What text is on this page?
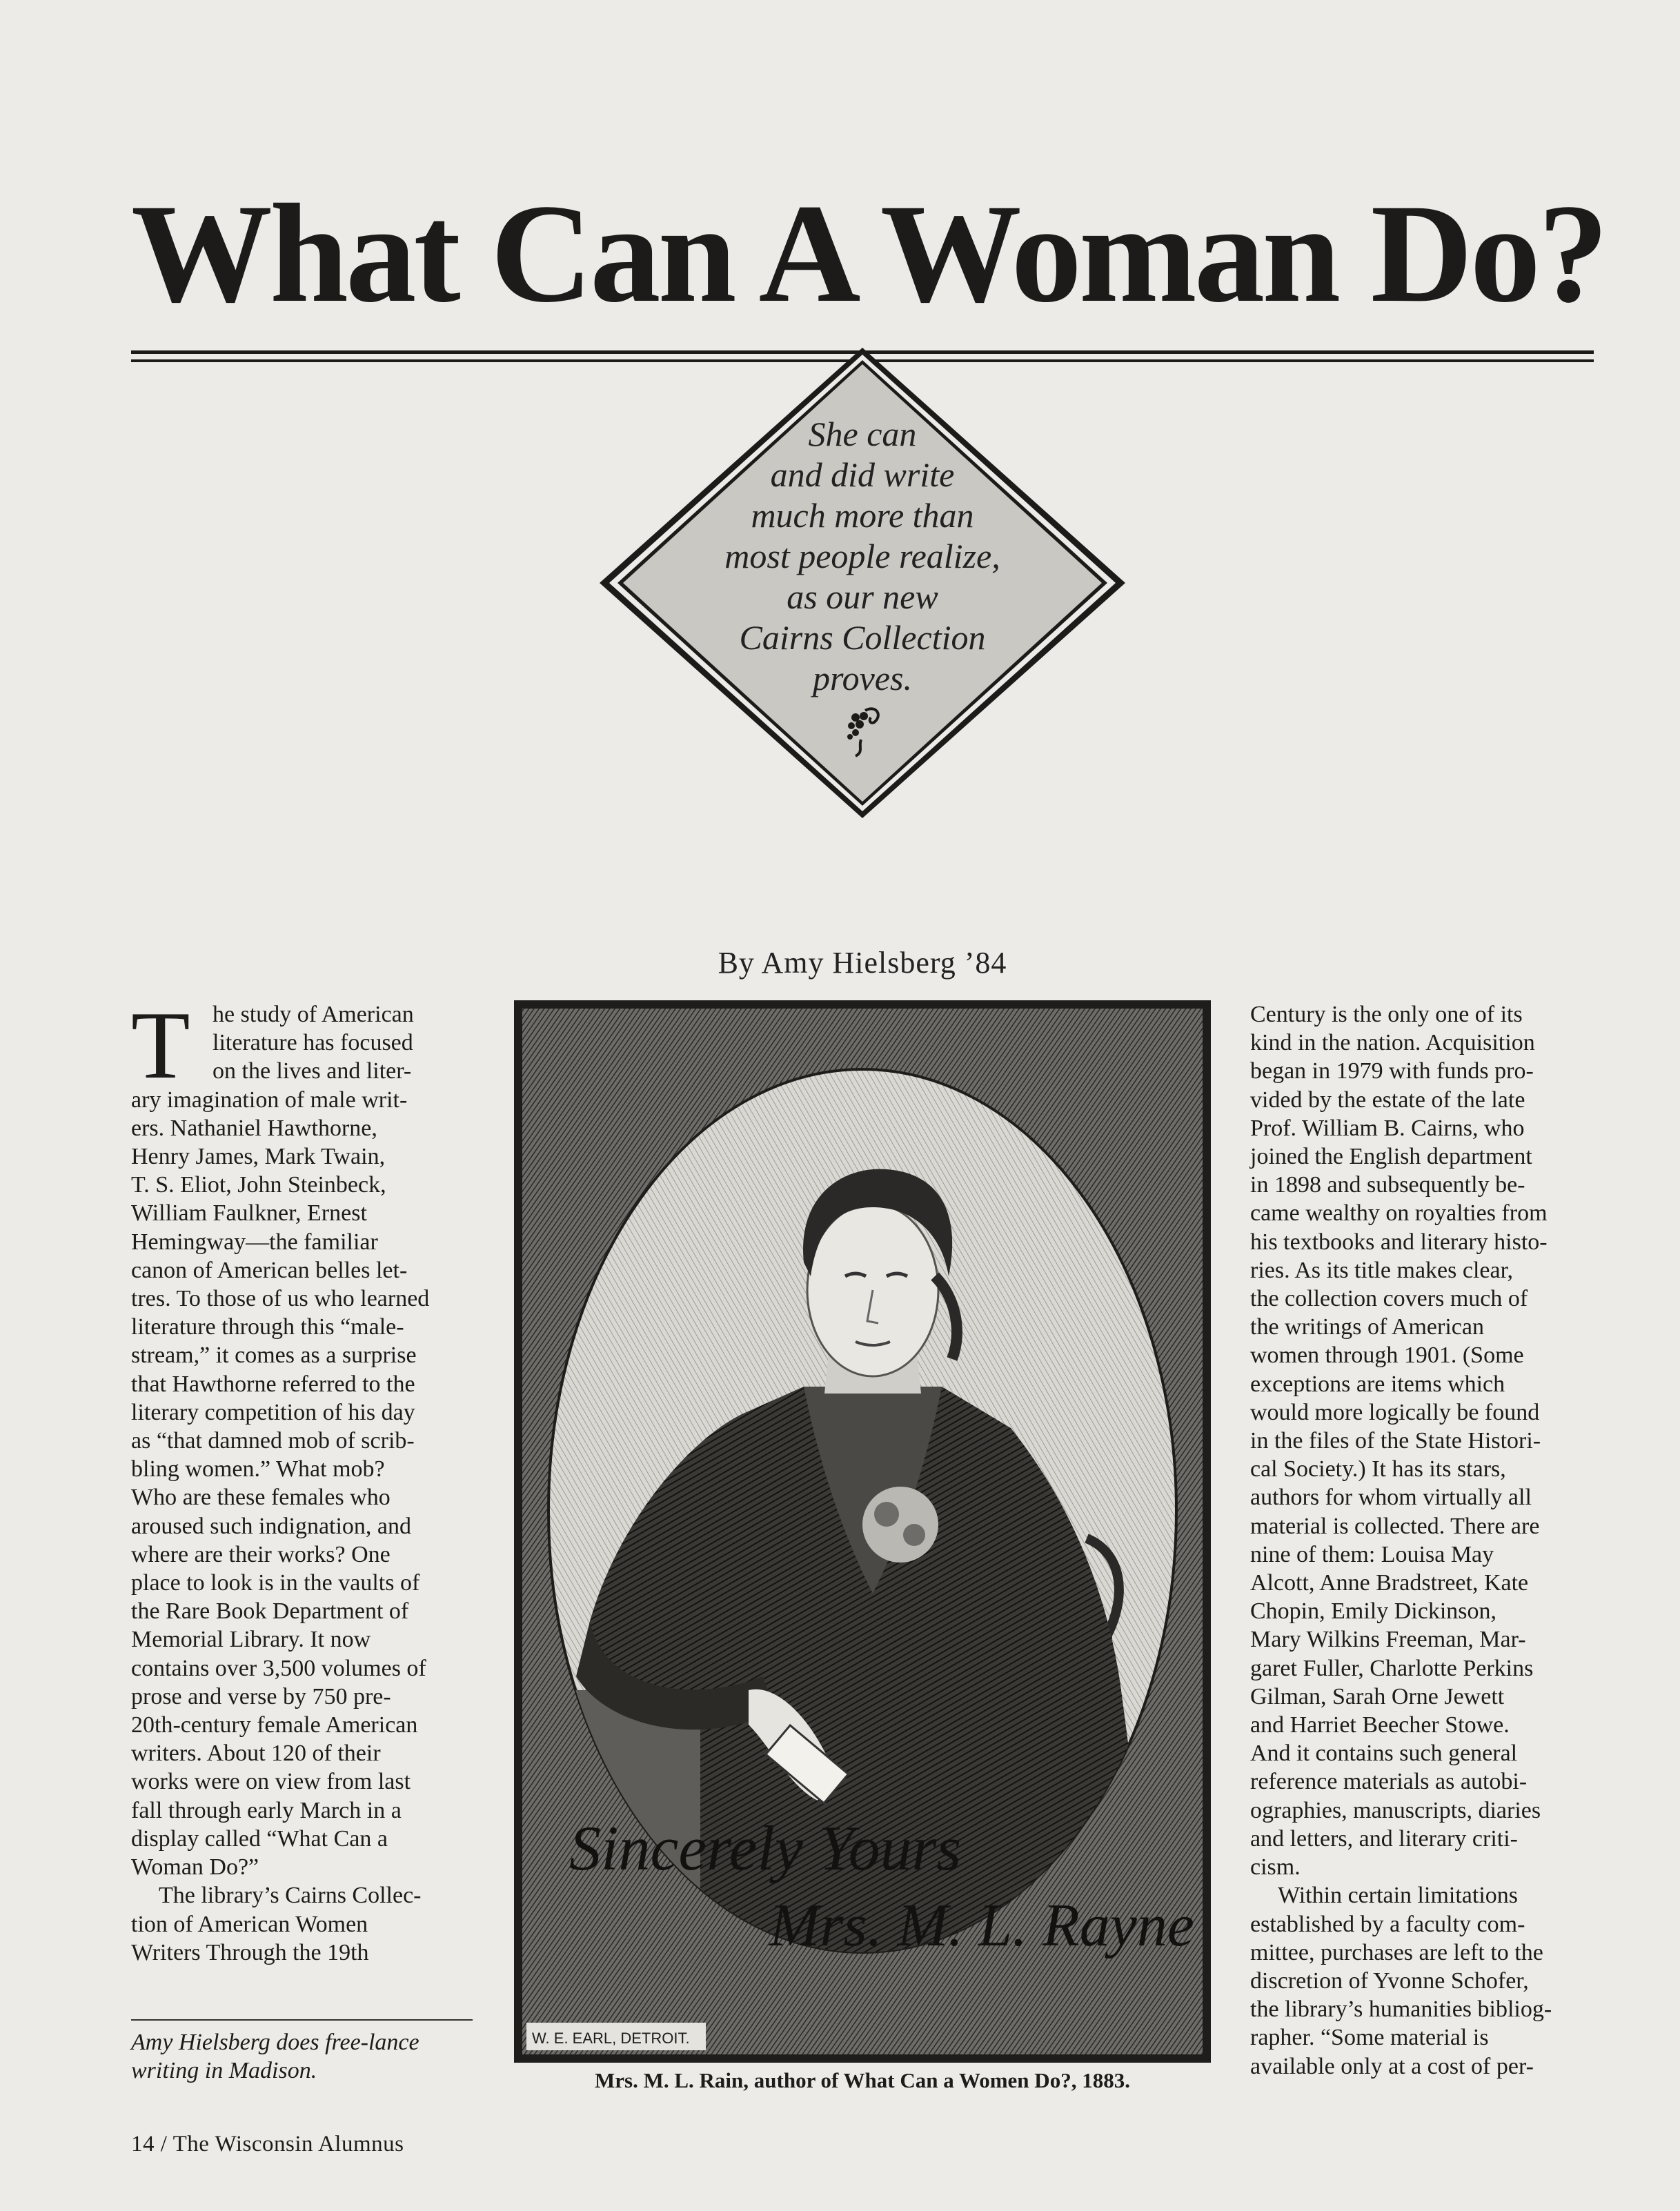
What Can A Woman Do?
She can
and did write
much more than
most people realize,
as our new
Cairns Collection
proves.
By Amy Hielsberg ’84
T he study of American
literature has focused
on the lives and liter-
ary imagination of male writ-
ers. Nathaniel Hawthorne,
Henry James, Mark Twain,
T. S. Eliot, John Steinbeck,
William Faulkner, Ernest
Hemingway—the familiar
canon of American belles let-
tres. To those of us who learned
literature through this “male-
stream,” it comes as a surprise
that Hawthorne referred to the
literary competition of his day
as “that damned mob of scrib-
bling women.” What mob?
Who are these females who
aroused such indignation, and
where are their works? One
place to look is in the vaults of
the Rare Book Department of
Memorial Library. It now
contains over 3,500 volumes of
prose and verse by 750 pre-
20th-century female American
writers. About 120 of their
works were on view from last
fall through early March in a
display called “What Can a
Woman Do?”
The library’s Cairns Collec-
tion of American Women
Writers Through the 19th
Amy Hielsberg does free-lance
writing in Madison.
Sincerely Yours
Mrs. M. L. Rayne
W. E. EARL, DETROIT.
Mrs. M. L. Rain, author of What Can a Women Do?, 1883.
Century is the only one of its
kind in the nation. Acquisition
began in 1979 with funds pro-
vided by the estate of the late
Prof. William B. Cairns, who
joined the English department
in 1898 and subsequently be-
came wealthy on royalties from
his textbooks and literary histo-
ries. As its title makes clear,
the collection covers much of
the writings of American
women through 1901. (Some
exceptions are items which
would more logically be found
in the files of the State Histori-
cal Society.) It has its stars,
authors for whom virtually all
material is collected. There are
nine of them: Louisa May
Alcott, Anne Bradstreet, Kate
Chopin, Emily Dickinson,
Mary Wilkins Freeman, Mar-
garet Fuller, Charlotte Perkins
Gilman, Sarah Orne Jewett
and Harriet Beecher Stowe.
And it contains such general
reference materials as autobi-
ographies, manuscripts, diaries
and letters, and literary criti-
cism.
Within certain limitations
established by a faculty com-
mittee, purchases are left to the
discretion of Yvonne Schofer,
the library’s humanities bibliog-
rapher. “Some material is
available only at a cost of per-
14 / The Wisconsin Alumnus
